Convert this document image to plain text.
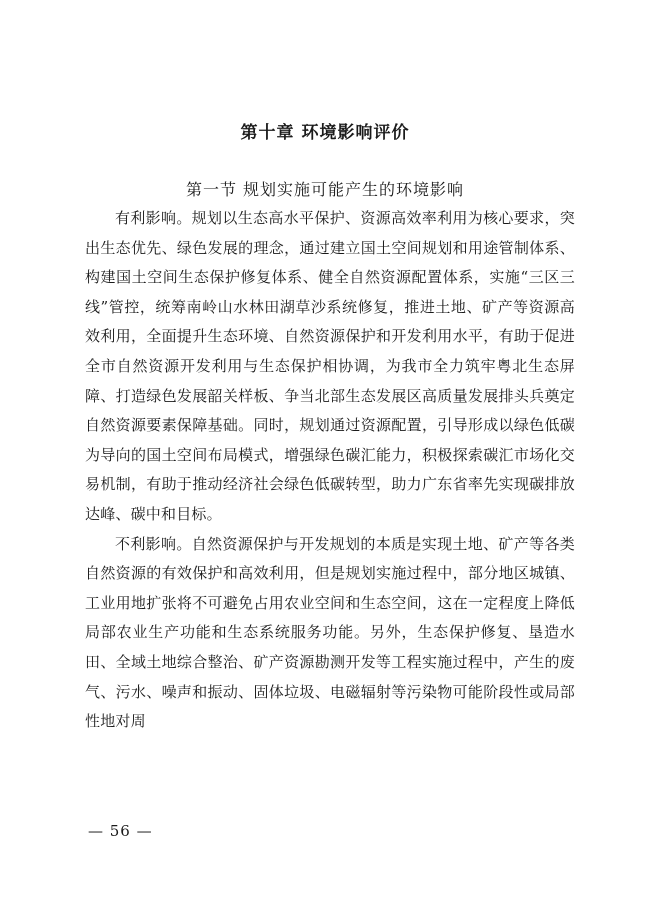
第十章 环境影响评价
第一节 规划实施可能产生的环境影响

有利影响。规划以生态高水平保护、资源高效率利用为核心要求，突出生态优先、绿色发展的理念，通过建立国土空间规划和用途管制体系、构建国土空间生态保护修复体系、健全自然资源配置体系，实施“三区三线”管控，统筹南岭山水林田湖草沙系统修复，推进土地、矿产等资源高效利用，全面提升生态环境、自然资源保护和开发利用水平，有助于促进全市自然资源开发利用与生态保护相协调，为我市全力筑牢粤北生态屏障、打造绿色发展韶关样板、争当北部生态发展区高质量发展排头兵奠定自然资源要素保障基础。同时，规划通过资源配置，引导形成以绿色低碳为导向的国土空间布局模式，增强绿色碳汇能力，积极探索碳汇市场化交易机制，有助于推动经济社会绿色低碳转型，助力广东省率先实现碳排放达峰、碳中和目标。

不利影响。自然资源保护与开发规划的本质是实现土地、矿产等各类自然资源的有效保护和高效利用，但是规划实施过程中，部分地区城镇、工业用地扩张将不可避免占用农业空间和生态空间，这在一定程度上降低局部农业生产功能和生态系统服务功能。另外，生态保护修复、垦造水田、全域土地综合整治、矿产资源勘测开发等工程实施过程中，产生的废气、污水、噪声和振动、固体垃圾、电磁辐射等污染物可能阶段性或局部性地对周

— 56 —
